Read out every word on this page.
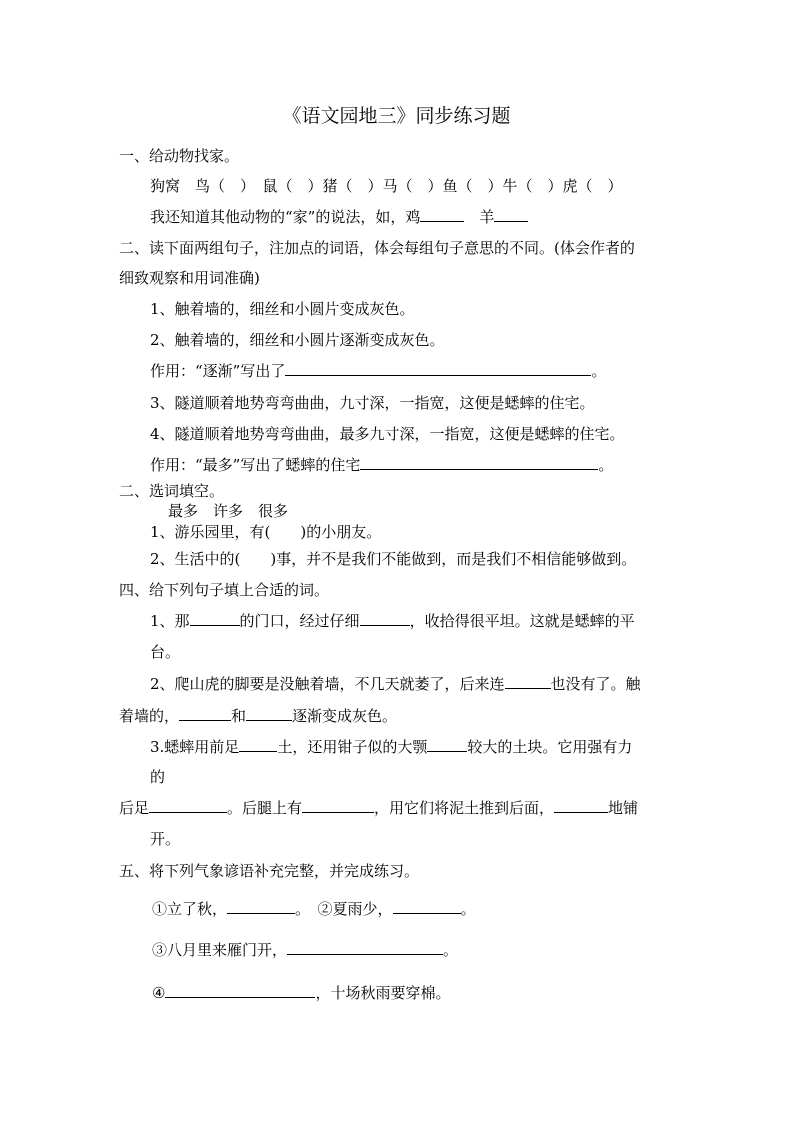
《语文园地三》同步练习题
一、给动物找家。
狗窝　鸟（　）　鼠（　）猪（　）马（　）鱼（　）牛（　）虎（　）
我还知道其他动物的“家”的说法，如，鸡　	羊
二、读下面两组句子，注加点的词语，体会每组句子意思的不同。(体会作者的
细致观察和用词准确)
1、触着墙的，细丝和小圆片变成灰色。
2、触着墙的，细丝和小圆片逐渐变成灰色。
作用：“逐渐”写出了	。
3、隧道顺着地势弯弯曲曲，九寸深，一指宽，这便是蟋蟀的住宅。
4、隧道顺着地势弯弯曲曲，最多九寸深，一指宽，这便是蟋蟀的住宅。
作用：“最多”写出了蟋蟀的住宅	。
二、选词填空。
最多　许多　很多
1、游乐园里，有(　　)的小朋友。
2、生活中的(　　)事，并不是我们不能做到，而是我们不相信能够做到。
四、给下列句子填上合适的词。
1、那	的门口，经过仔细	，收拾得很平坦。这就是蟋蟀的平
台。
2、爬山虎的脚要是没触着墙，不几天就萎了，后来连	也没有了。触
着墙的，	和	逐渐变成灰色。
3.蟋蟀用前足	土，还用钳子似的大颚	较大的土块。它用强有力
的
后足	。后腿上有	，用它们将泥土推到后面，	地铺
开。
五、将下列气象谚语补充完整，并完成练习。
①立了秋，	。　 ②夏雨少，	。
③八月里来雁门开，	。
④	，十场秋雨要穿棉。
